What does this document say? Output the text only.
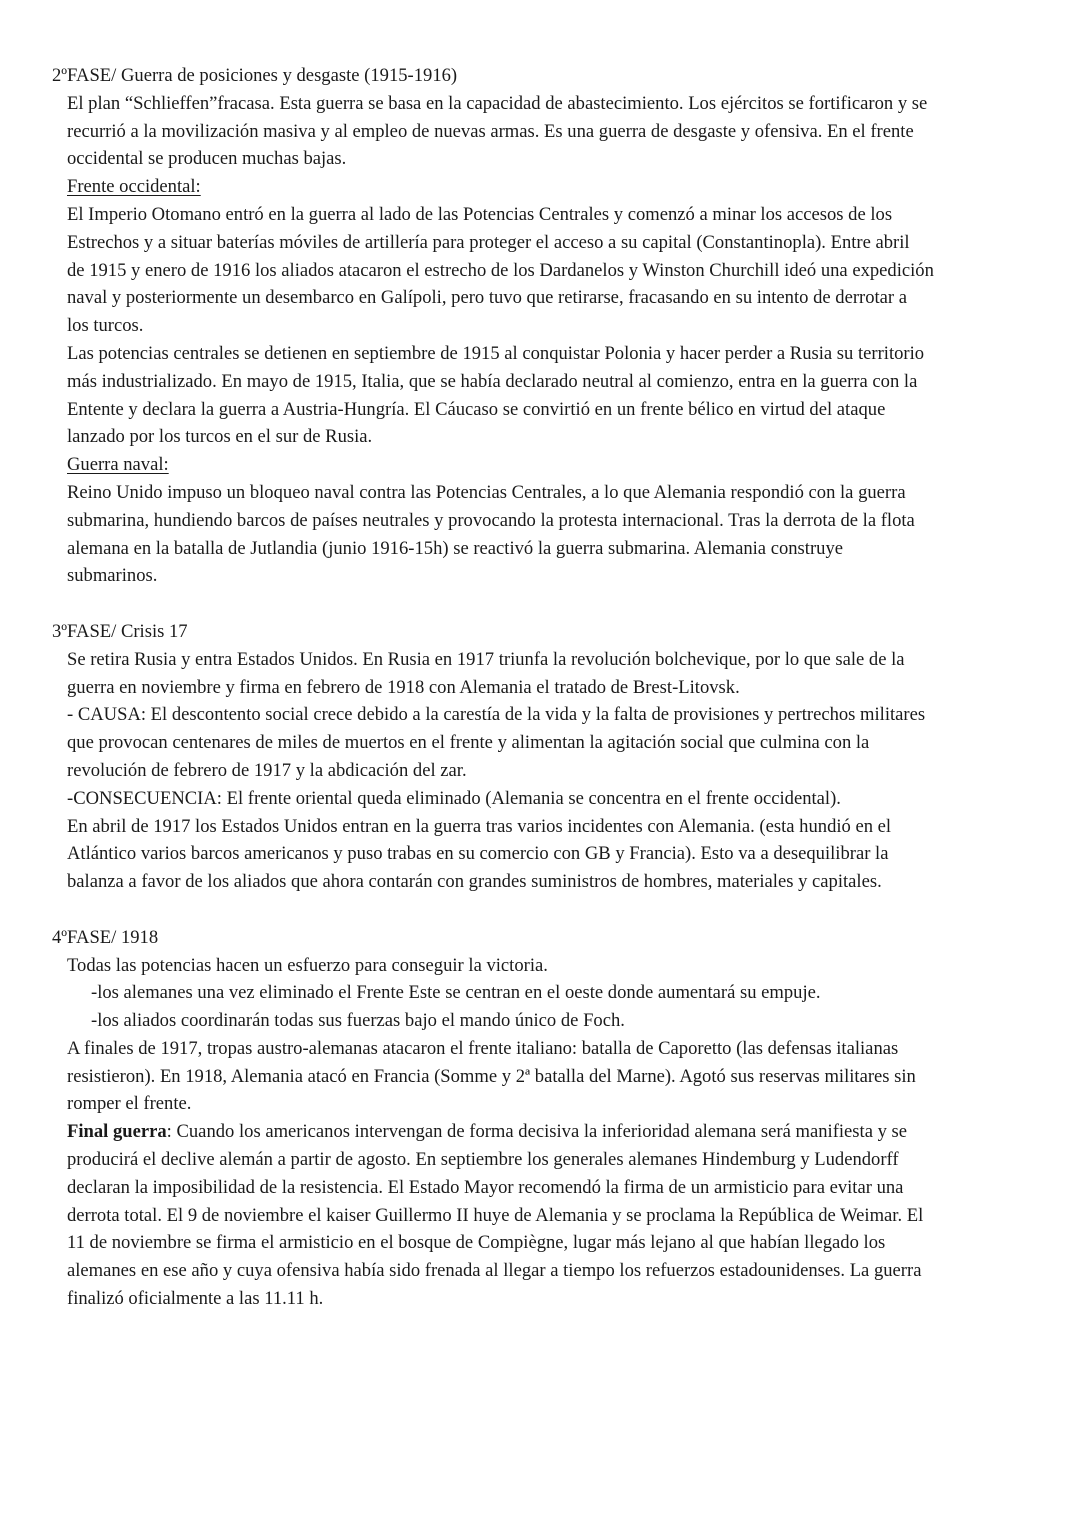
2ºFASE/ Guerra de posiciones y desgaste (1915-1916)

El plan “Schlieffen”fracasa. Esta guerra se basa en la capacidad de abastecimiento. Los ejércitos se fortificaron y se

recurrió a la movilización masiva y al empleo de nuevas armas. Es una guerra de desgaste y ofensiva. En el frente

occidental se producen muchas bajas.

Frente occidental:

El Imperio Otomano entró en la guerra al lado de las Potencias Centrales y comenzó a minar los accesos de los

Estrechos y a situar baterías móviles de artillería para proteger el acceso a su capital (Constantinopla). Entre abril

de 1915 y enero de 1916 los aliados atacaron el estrecho de los Dardanelos y Winston Churchill ideó una expedición

naval y posteriormente un desembarco en Galípoli, pero tuvo que retirarse, fracasando en su intento de derrotar a

los turcos.

Las potencias centrales se detienen en septiembre de 1915 al conquistar Polonia y hacer perder a Rusia su territorio

más industrializado. En mayo de 1915, Italia, que se había declarado neutral al comienzo, entra en la guerra con la

Entente y declara la guerra a Austria-Hungría. El Cáucaso se convirtió en un frente bélico en virtud del ataque

lanzado por los turcos en el sur de Rusia.

Guerra naval:

Reino Unido impuso un bloqueo naval contra las Potencias Centrales, a lo que Alemania respondió con la guerra

submarina, hundiendo barcos de países neutrales y provocando la protesta internacional. Tras la derrota de la flota

alemana en la batalla de Jutlandia (junio 1916-15h) se reactivó la guerra submarina. Alemania construye

submarinos.

3ºFASE/ Crisis 17

Se retira Rusia y entra Estados Unidos. En Rusia en 1917 triunfa la revolución bolchevique, por lo que sale de la

guerra en noviembre y firma en febrero de 1918 con Alemania el tratado de Brest-Litovsk.

- CAUSA: El descontento social crece debido a la carestía de la vida y la falta de provisiones y pertrechos militares

que provocan centenares de miles de muertos en el frente y alimentan la agitación social que culmina con la

revolución de febrero de 1917 y la abdicación del zar.

-CONSECUENCIA: El frente oriental queda eliminado (Alemania se concentra en el frente occidental).

En abril de 1917 los Estados Unidos entran en la guerra tras varios incidentes con Alemania. (esta hundió en el

Atlántico varios barcos americanos y puso trabas en su comercio con GB y Francia). Esto va a desequilibrar la

balanza a favor de los aliados que ahora contarán con grandes suministros de hombres, materiales y capitales.

4ºFASE/ 1918

Todas las potencias hacen un esfuerzo para conseguir la victoria.

-los alemanes una vez eliminado el Frente Este se centran en el oeste donde aumentará su empuje.

-los aliados coordinarán todas sus fuerzas bajo el mando único de Foch.

A finales de 1917, tropas austro-alemanas atacaron el frente italiano: batalla de Caporetto (las defensas italianas

resistieron). En 1918, Alemania atacó en Francia (Somme y 2ª batalla del Marne). Agotó sus reservas militares sin

romper el frente.

Final guerra: Cuando los americanos intervengan de forma decisiva la inferioridad alemana será manifiesta y se

producirá el declive alemán a partir de agosto. En septiembre los generales alemanes Hindemburg y Ludendorff

declaran la imposibilidad de la resistencia. El Estado Mayor recomendó la firma de un armisticio para evitar una

derrota total. El 9 de noviembre el kaiser Guillermo II huye de Alemania y se proclama la República de Weimar. El

11 de noviembre se firma el armisticio en el bosque de Compiègne, lugar más lejano al que habían llegado los

alemanes en ese año y cuya ofensiva había sido frenada al llegar a tiempo los refuerzos estadounidenses. La guerra

finalizó oficialmente a las 11.11 h.
